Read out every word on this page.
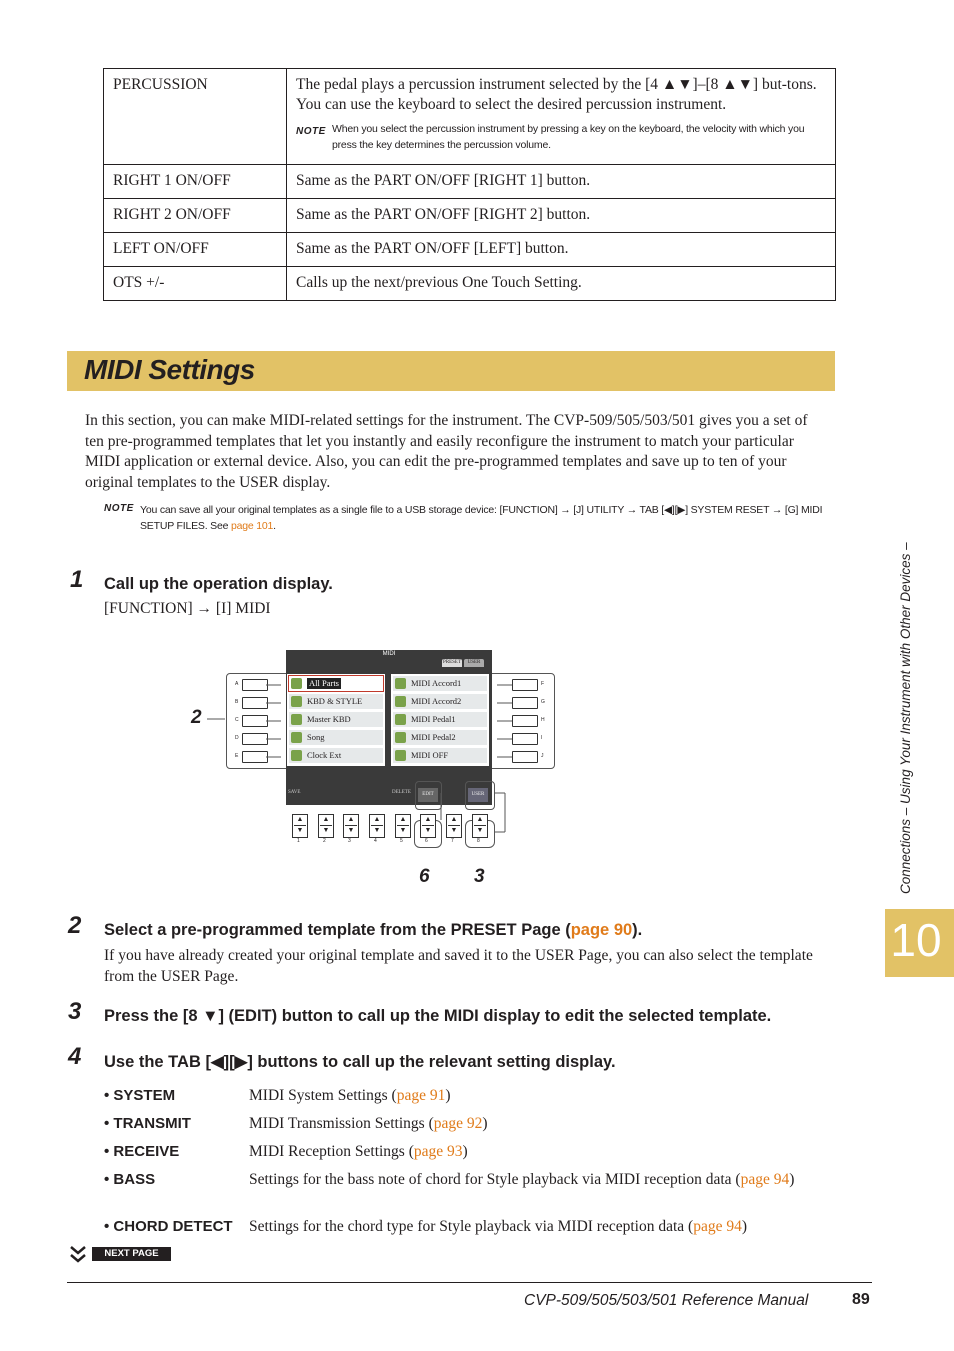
PERCUSSION	The pedal plays a percussion instrument selected by the [4 ▲▼]–[8 ▲▼] but-tons. You can use the keyboard to select the desired percussion instrument.
NOTE When you select the percussion instrument by pressing a key on the keyboard, the velocity with which you press the key determines the percussion volume.

RIGHT 1 ON/OFF	Same as the PART ON/OFF [RIGHT 1] button.
RIGHT 2 ON/OFF	Same as the PART ON/OFF [RIGHT 2] button.
LEFT ON/OFF	Same as the PART ON/OFF [LEFT] button.
OTS +/-	Calls up the next/previous One Touch Setting.
MIDI Settings
In this section, you can make MIDI-related settings for the instrument. The CVP-509/505/503/501 gives you a set of ten pre-programmed templates that let you instantly and easily reconfigure the instrument to match your particular MIDI application or external device. Also, you can edit the pre-programmed templates and save up to ten of your original templates to the USER display.
NOTE You can save all your original templates as a single file to a USB storage device: [FUNCTION] → [J] UTILITY → TAB [◀][▶] SYSTEM RESET → [G] MIDI SETUP FILES. See page 101.
1 Call up the operation display.
[FUNCTION] → [I] MIDI
MIDI
PRESET	USER
All Parts
KBD & STYLE
Master KBD
Song
Clock Ext
MIDI Accord1
MIDI Accord2
MIDI Pedal1
MIDI Pedal2
MIDI OFF
SAVE	DELETE	EDIT	USER
A
B
C
D
E
F
G
H
I
J
▲
▼
▲
▼
▲
▼
▲
▼
▲
▼
▲
▼
▲
▼
▲
▼
1	2	3	4	5	6	7	8
2
6 3
2 Select a pre-programmed template from the PRESET Page (page 90).
If you have already created your original template and saved it to the USER Page, you can also select the template from the USER Page.
3 Press the [8 ▼] (EDIT) button to call up the MIDI display to edit the selected template.
4 Use the TAB [◀][▶] buttons to call up the relevant setting display.
• SYSTEM	MIDI System Settings (page 91)
• TRANSMIT	MIDI Transmission Settings (page 92)
• RECEIVE	MIDI Reception Settings (page 93)
• BASS	Settings for the bass note of chord for Style playback via MIDI reception data (page 94)
• CHORD DETECT Settings for the chord type for Style playback via MIDI reception data (page 94)
Connections – Using Your Instrument with Other Devices –
10
NEXT PAGE
CVP-509/505/503/501 Reference Manual	89
